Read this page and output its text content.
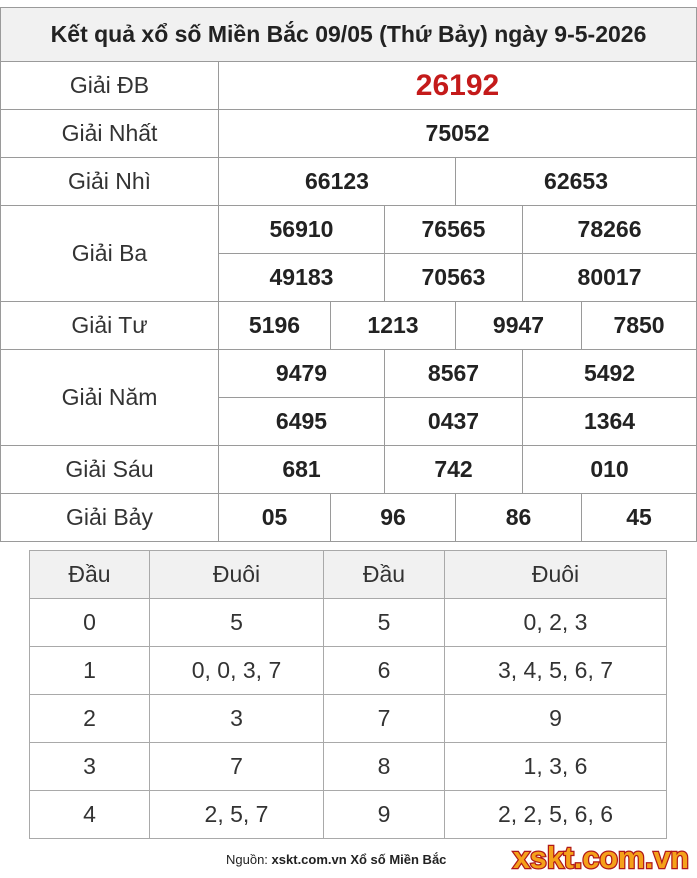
Kết quả xổ số Miền Bắc 09/05 (Thứ Bảy) ngày 9-5-2026						
Giải ĐB	26192					
Giải Nhất	75052					
Giải Nhì	66123			62653		
Giải Ba	56910		76565		78266	
	49183		70563		80017	
Giải Tư	5196	1213		9947		7850
Giải Năm	9479		8567		5492	
	6495		0437		1364	
Giải Sáu	681		742		010	
Giải Bảy	05	96		86		45
Đầu	Đuôi	Đầu	Đuôi
0	5	5	0, 2, 3
1	0, 0, 3, 7	6	3, 4, 5, 6, 7
2	3	7	9
3	7	8	1, 3, 6
4	2, 5, 7	9	2, 2, 5, 6, 6
Nguồn: xskt.com.vn Xổ số Miền Bắc xskt.com.vn
